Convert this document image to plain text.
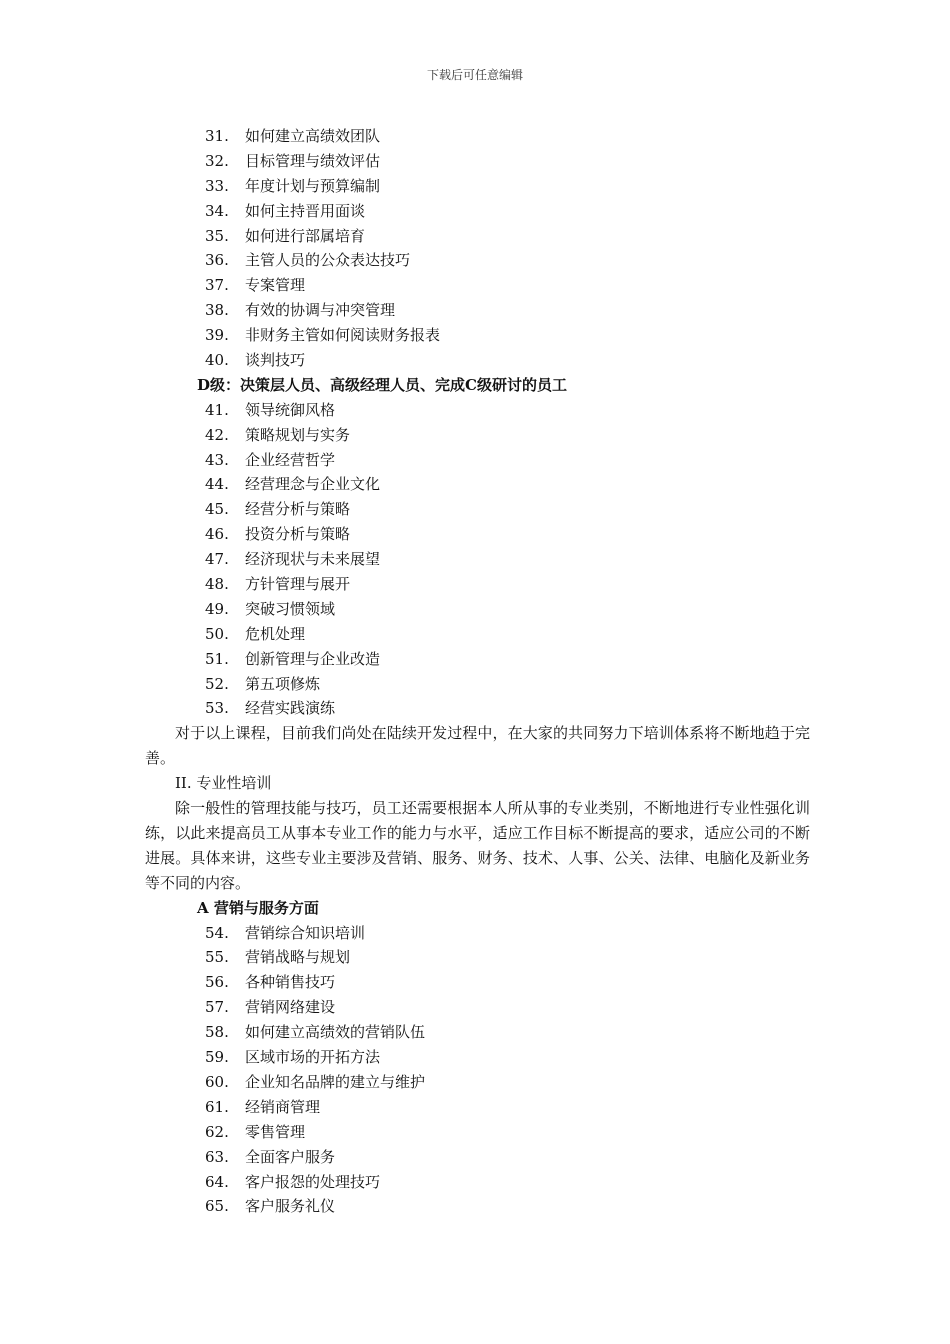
下载后可任意编辑
31. 如何建立高绩效团队
32. 目标管理与绩效评估
33. 年度计划与预算编制
34. 如何主持晋用面谈
35. 如何进行部属培育
36. 主管人员的公众表达技巧
37. 专案管理
38. 有效的协调与冲突管理
39. 非财务主管如何阅读财务报表
40. 谈判技巧
D级：决策层人员、高级经理人员、完成C级研讨的员工
41. 领导统御风格
42. 策略规划与实务
43. 企业经营哲学
44. 经营理念与企业文化
45. 经营分析与策略
46. 投资分析与策略
47. 经济现状与未来展望
48. 方针管理与展开
49. 突破习惯领域
50. 危机处理
51. 创新管理与企业改造
52. 第五项修炼
53. 经营实践演练
对于以上课程，目前我们尚处在陆续开发过程中，在大家的共同努力下培训体系将不断地趋于完善。
II. 专业性培训
除一般性的管理技能与技巧，员工还需要根据本人所从事的专业类别，不断地进行专业性强化训练，以此来提高员工从事本专业工作的能力与水平，适应工作目标不断提高的要求，适应公司的不断进展。具体来讲，这些专业主要涉及营销、服务、财务、技术、人事、公关、法律、电脑化及新业务等不同的内容。
A 营销与服务方面
54. 营销综合知识培训
55. 营销战略与规划
56. 各种销售技巧
57. 营销网络建设
58. 如何建立高绩效的营销队伍
59. 区域市场的开拓方法
60. 企业知名品牌的建立与维护
61. 经销商管理
62. 零售管理
63. 全面客户服务
64. 客户报怨的处理技巧
65. 客户服务礼仪
